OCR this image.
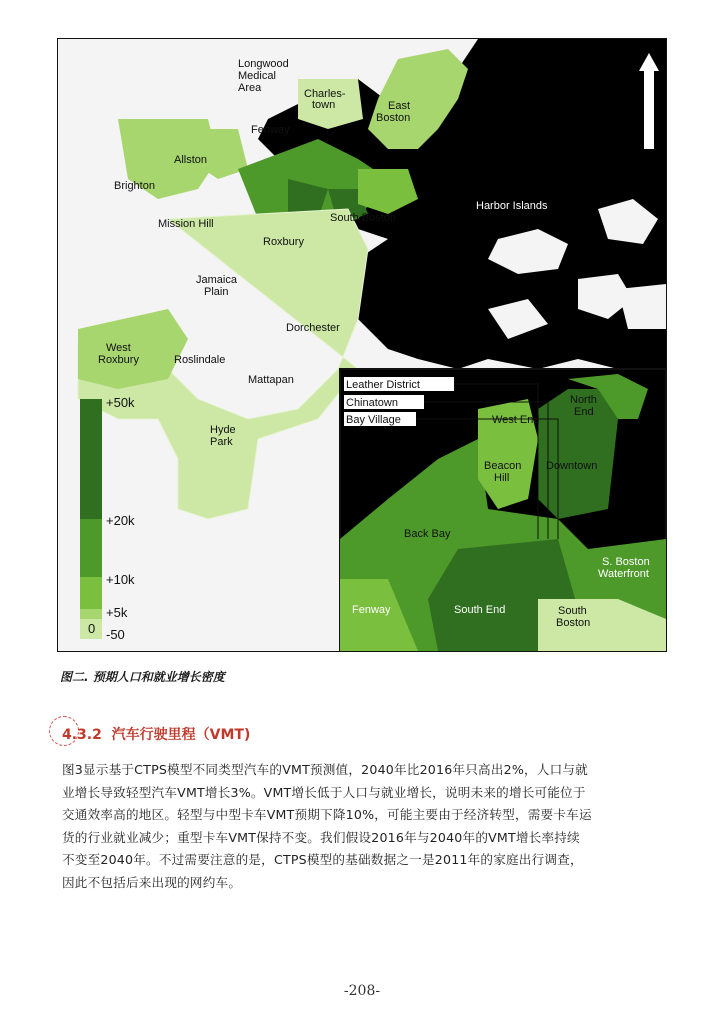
+50k
+20k
+10k
+5k
0 -50
Longwood
Medical
Area	Charles-
town	East
Boston
Fenway
Allston
Brighton
Mission Hill	South Boston
Harbor Islands
Roxbury
Jamaica
Plain
Dorchester
West
Roxbury	Roslindale
Mattapan
Hyde
Park
Leather District
Chinatown
Bay Village	West End
North
End
Beacon
Hill
Downtown
Back Bay
S. Boston
Waterfront
Fenway	South End	South
Boston
图二. 预期人口和就业增长密度
4.3.2 汽车行驶里程（VMT)
图3显示基于CTPS模型不同类型汽车的VMT预测值，2040年比2016年只高出2%，人口与就
业增长导致轻型汽车VMT增长3%。VMT增长低于人口与就业增长，说明未来的增长可能位于
交通效率高的地区。轻型与中型卡车VMT预期下降10%，可能主要由于经济转型，需要卡车运
货的行业就业减少；重型卡车VMT保持不变。我们假设2016年与2040年的VMT增长率持续
不变至2040年。不过需要注意的是，CTPS模型的基础数据之一是2011年的家庭出行调查，
因此不包括后来出现的网约车。
-208-
